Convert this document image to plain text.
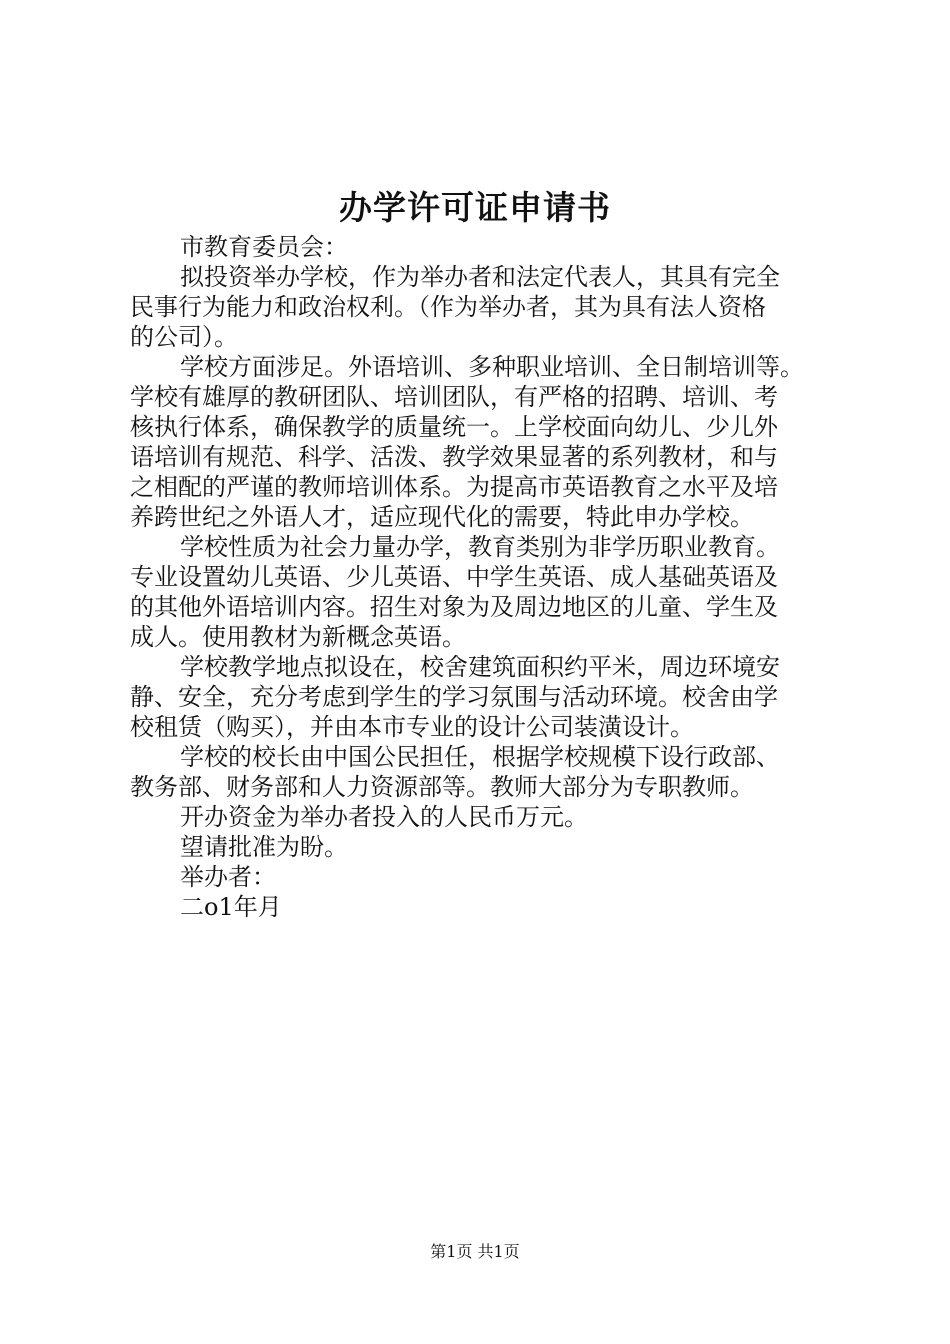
办学许可证申请书
市教育委员会：
拟投资举办学校，作为举办者和法定代表人，其具有完全
民事行为能力和政治权利。（作为举办者，其为具有法人资格
的公司）。
学校方面涉足。外语培训、多种职业培训、全日制培训等。
学校有雄厚的教研团队、培训团队，有严格的招聘、培训、考
核执行体系，确保教学的质量统一。上学校面向幼儿、少儿外
语培训有规范、科学、活泼、教学效果显著的系列教材，和与
之相配的严谨的教师培训体系。为提高市英语教育之水平及培
养跨世纪之外语人才，适应现代化的需要，特此申办学校。
学校性质为社会力量办学，教育类别为非学历职业教育。
专业设置幼儿英语、少儿英语、中学生英语、成人基础英语及
的其他外语培训内容。招生对象为及周边地区的儿童、学生及
成人。使用教材为新概念英语。
学校教学地点拟设在，校舍建筑面积约平米，周边环境安
静、安全，充分考虑到学生的学习氛围与活动环境。校舍由学
校租赁（购买），并由本市专业的设计公司装潢设计。
学校的校长由中国公民担任，根据学校规模下设行政部、
教务部、财务部和人力资源部等。教师大部分为专职教师。
开办资金为举办者投入的人民币万元。
望请批准为盼。
举办者：
二o1年月
第1页 共1页
